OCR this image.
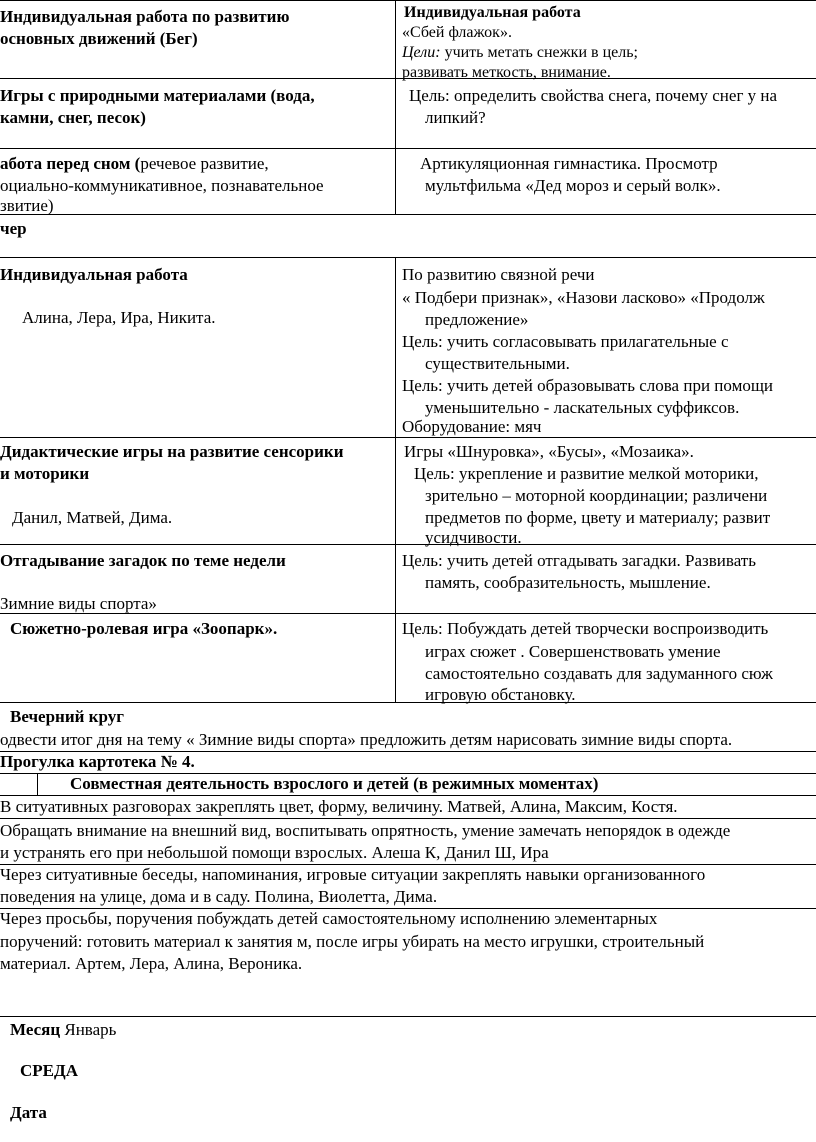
Индивидуальная работа по развитию
основных движений (Бег)
Индивидуальная работа
«Сбей флажок».
Цели: учить метать снежки в цель;
развивать меткость, внимание.
Игры с природными материалами (вода,
камни, снег, песок)
Цель: определить свойства снега, почему снег у на
липкий?
абота перед сном (речевое развитие,
оциально-коммуникативное, познавательное
звитие)
Артикуляционная гимнастика. Просмотр
мультфильма «Дед мороз и серый волк».
чер
Индивидуальная работа
Алина, Лера, Ира, Никита.
По развитию связной речи
« Подбери признак», «Назови ласково» «Продолж
предложение»
Цель: учить согласовывать прилагательные с
существительными.
Цель: учить детей образовывать слова при помощи
уменьшительно - ласкательных суффиксов.
Оборудование: мяч
Дидактические игры на развитие сенсорики
и моторики
Данил, Матвей, Дима.
Игры «Шнуровка», «Бусы», «Мозаика».
Цель: укрепление и развитие мелкой моторики,
зрительно – моторной координации; различени
предметов по форме, цвету и материалу; развит
усидчивости.
Отгадывание загадок по теме недели
Зимние виды спорта»
Цель: учить детей отгадывать загадки. Развивать
память, сообразительность, мышление.
Сюжетно-ролевая игра «Зоопарк».	Цель: Побуждать детей творчески воспроизводить
играх сюжет . Совершенствовать умение
самостоятельно создавать для задуманного сюж
игровую обстановку.
Вечерний круг
одвести итог дня на тему « Зимние виды спорта» предложить детям нарисовать зимние виды спорта.
Прогулка картотека № 4.
Совместная деятельность взрослого и детей (в режимных моментах)
В ситуативных разговорах закреплять цвет, форму, величину. Матвей, Алина, Максим, Костя.
Обращать внимание на внешний вид, воспитывать опрятность, умение замечать непорядок в одежде
и устранять его при небольшой помощи взрослых. Алеша К, Данил Ш, Ира
Через ситуативные беседы, напоминания, игровые ситуации закреплять навыки организованного
поведения на улице, дома и в саду. Полина, Виолетта, Дима.
Через просьбы, поручения побуждать детей самостоятельному исполнению элементарных
поручений: готовить материал к занятия м, после игры убирать на место игрушки, строительный
материал. Артем, Лера, Алина, Вероника.
Месяц Январь
СРЕДА
Дата
